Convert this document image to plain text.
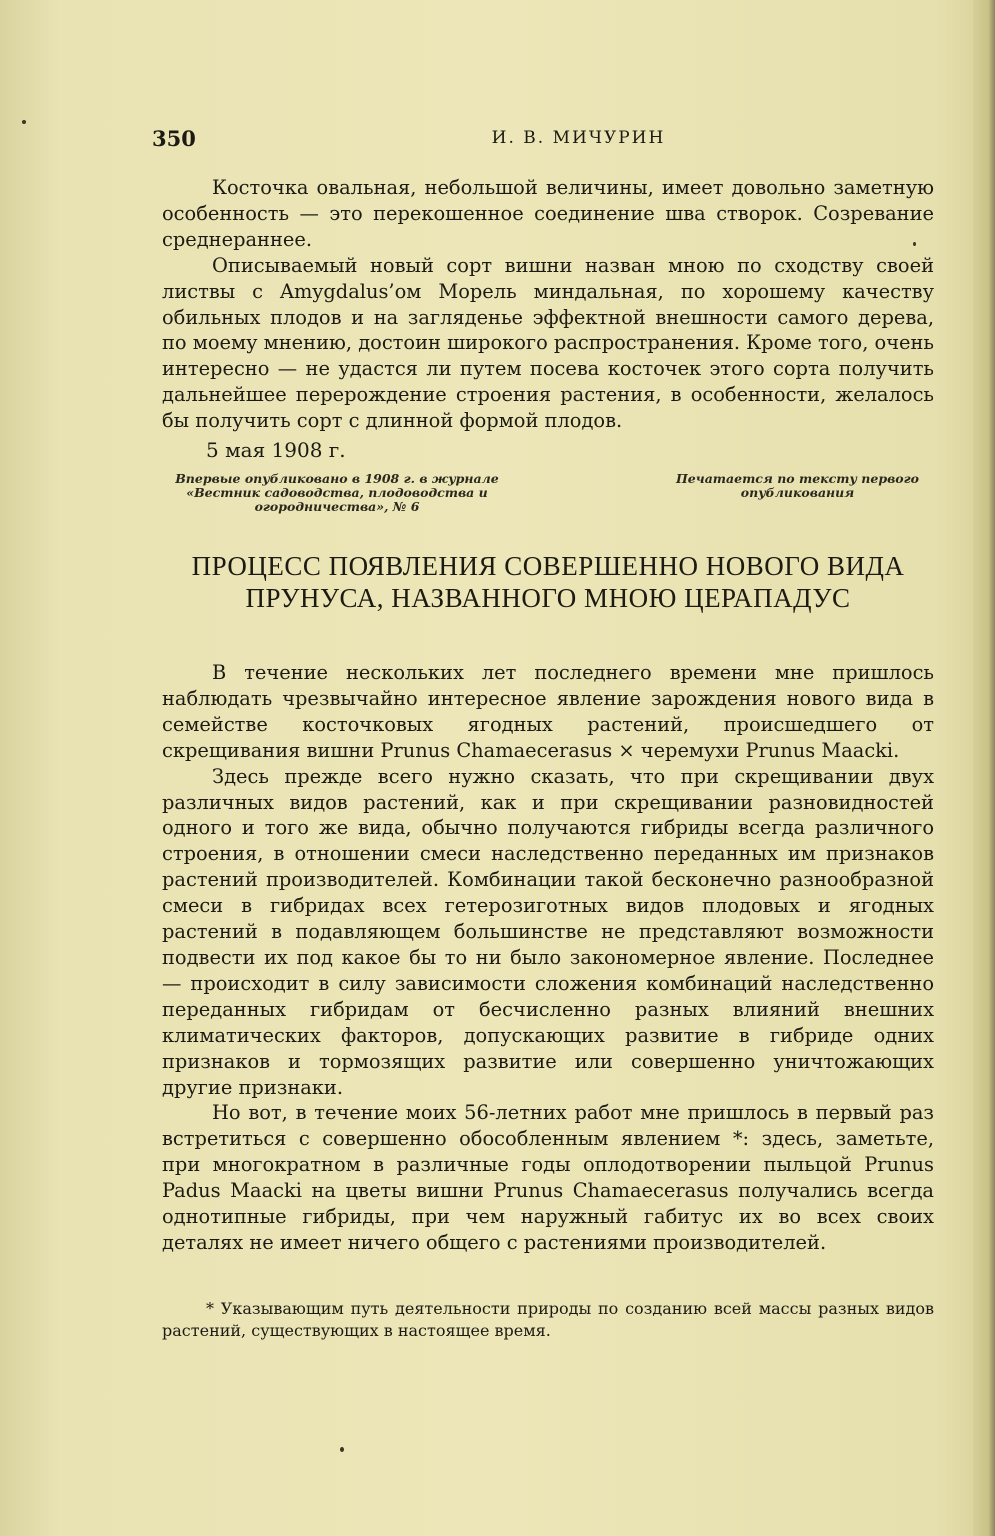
350	И. В. МИЧУРИН

Косточка овальная, небольшой величины, имеет довольно заметную особенность — это перекошенное соединение шва створок. Созревание среднераннее.

Описываемый новый сорт вишни назван мною по сходству своей листвы с Amygdalus’ом Морель миндальная, по хорошему качеству обильных плодов и на загляденье эффектной внешности самого дерева, по моему мнению, достоин широкого распространения. Кроме того, очень интересно — не удастся ли путем посева косточек этого сорта получить дальнейшее перерождение строения растения, в особенности, желалось бы получить сорт с длинной формой плодов.

5 мая 1908 г.
Впервые опубликовано в 1908 г. в журнале «Вестник садоводства, плодоводства и огородничества», № 6
Печатается по тексту первого опубликования
ПРОЦЕСС ПОЯВЛЕНИЯ СОВЕРШЕННО НОВОГО ВИДА ПРУНУСА, НАЗВАННОГО МНОЮ ЦЕРАПАДУС

В течение нескольких лет последнего времени мне пришлось наблюдать чрезвычайно интересное явление зарождения нового вида в семействе косточковых ягодных растений, происшедшего от скрещивания вишни Prunus Chamaecerasus × черемухи Prunus Maacki.

Здесь прежде всего нужно сказать, что при скрещивании двух различных видов растений, как и при скрещивании разновидностей одного и того же вида, обычно получаются гибриды всегда различного строения, в отношении смеси наследственно переданных им признаков растений производителей. Комбинации такой бесконечно разнообразной смеси в гибридах всех гетерозиготных видов плодовых и ягодных растений в подавляющем большинстве не представляют возможности подвести их под какое бы то ни было закономерное явление. Последнее — происходит в силу зависимости сложения комбинаций наследственно переданных гибридам от бесчисленно разных влияний внешних климатических факторов, допускающих развитие в гибриде одних признаков и тормозящих развитие или совершенно уничтожающих другие признаки.

Но вот, в течение моих 56-летних работ мне пришлось в первый раз встретиться с совершенно обособленным явлением *: здесь, заметьте, при многократном в различные годы оплодотворении пыльцой Prunus Padus Maacki на цветы вишни Prunus Chamaecerasus получались всегда однотипные гибриды, при чем наружный габитус их во всех своих деталях не имеет ничего общего с растениями производителей.

* Указывающим путь деятельности природы по созданию всей массы разных видов растений, существующих в настоящее время.
